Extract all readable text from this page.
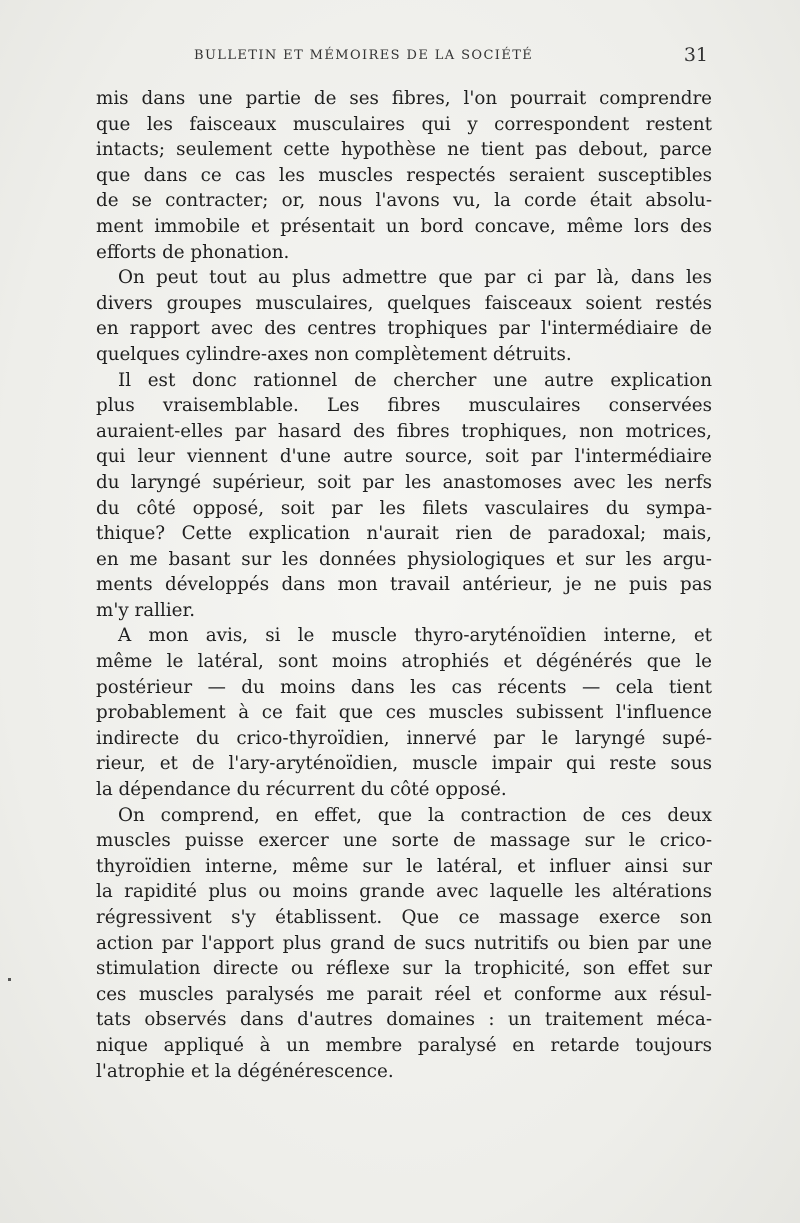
BULLETIN ET MÉMOIRES DE LA SOCIÉTÉ	31
mis dans une partie de ses fibres, l'on pourrait comprendre
que les faisceaux musculaires qui y correspondent restent
intacts; seulement cette hypothèse ne tient pas debout, parce
que dans ce cas les muscles respectés seraient susceptibles
de se contracter; or, nous l'avons vu, la corde était absolu-
ment immobile et présentait un bord concave, même lors des
efforts de phonation.
On peut tout au plus admettre que par ci par là, dans les
divers groupes musculaires, quelques faisceaux soient restés
en rapport avec des centres trophiques par l'intermédiaire de
quelques cylindre-axes non complètement détruits.
Il est donc rationnel de chercher une autre explication
plus vraisemblable. Les fibres musculaires conservées
auraient-elles par hasard des fibres trophiques, non motrices,
qui leur viennent d'une autre source, soit par l'intermédiaire
du laryngé supérieur, soit par les anastomoses avec les nerfs
du côté opposé, soit par les filets vasculaires du sympa-
thique? Cette explication n'aurait rien de paradoxal; mais,
en me basant sur les données physiologiques et sur les argu-
ments développés dans mon travail antérieur, je ne puis pas
m'y rallier.
A mon avis, si le muscle thyro-aryténoïdien interne, et
même le latéral, sont moins atrophiés et dégénérés que le
postérieur — du moins dans les cas récents — cela tient
probablement à ce fait que ces muscles subissent l'influence
indirecte du crico-thyroïdien, innervé par le laryngé supé-
rieur, et de l'ary-aryténoïdien, muscle impair qui reste sous
la dépendance du récurrent du côté opposé.
On comprend, en effet, que la contraction de ces deux
muscles puisse exercer une sorte de massage sur le crico-
thyroïdien interne, même sur le latéral, et influer ainsi sur
la rapidité plus ou moins grande avec laquelle les altérations
régressivent s'y établissent. Que ce massage exerce son
action par l'apport plus grand de sucs nutritifs ou bien par une
stimulation directe ou réflexe sur la trophicité, son effet sur
ces muscles paralysés me parait réel et conforme aux résul-
tats observés dans d'autres domaines : un traitement méca-
nique appliqué à un membre paralysé en retarde toujours
l'atrophie et la dégénérescence.
